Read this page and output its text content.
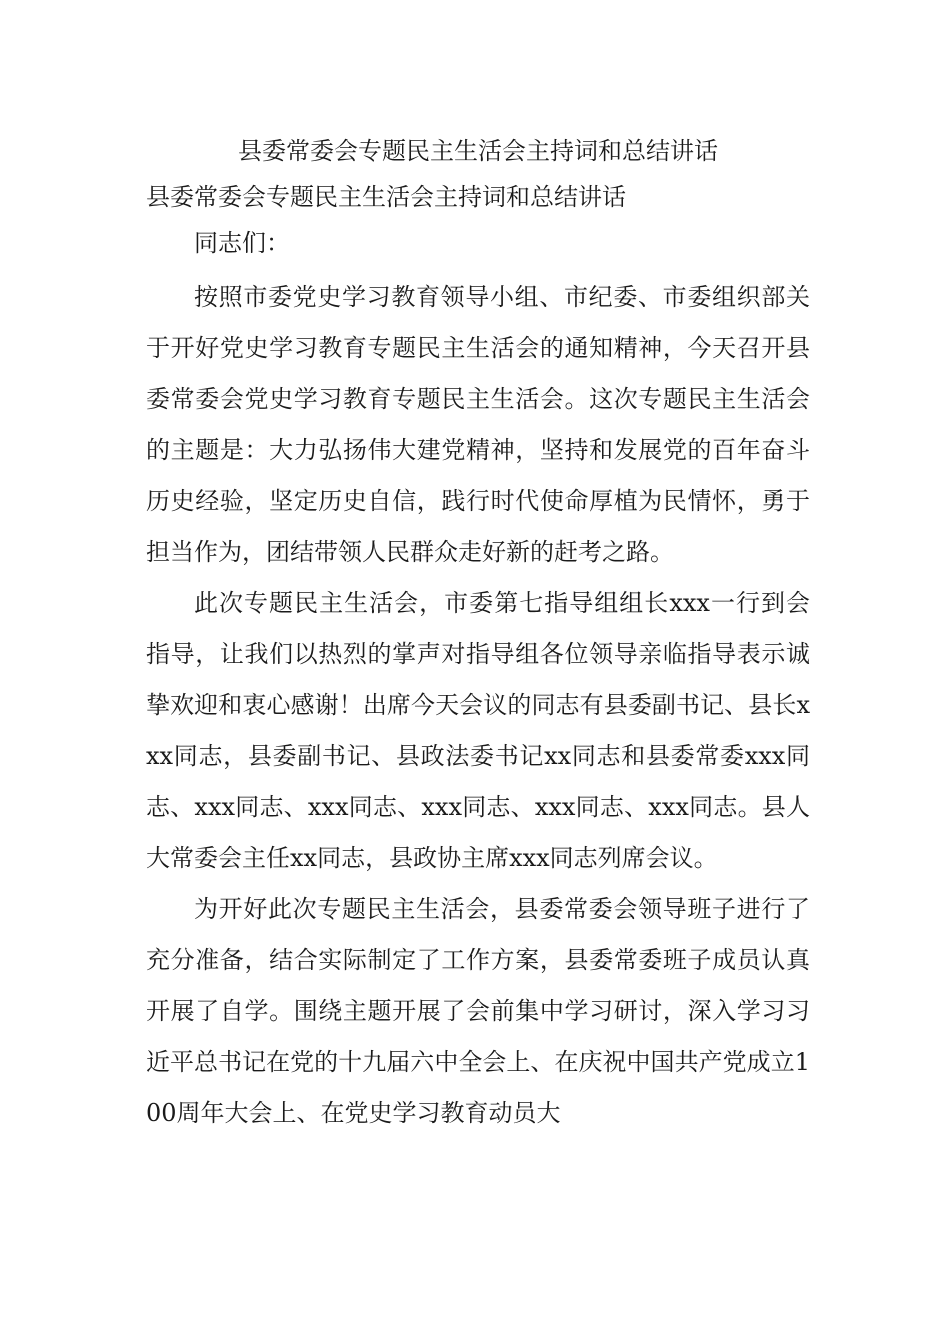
县委常委会专题民主生活会主持词和总结讲话

县委常委会专题民主生活会主持词和总结讲话

同志们：

按照市委党史学习教育领导小组、市纪委、市委组织部关于开好党史学习教育专题民主生活会的通知精神，今天召开县委常委会党史学习教育专题民主生活会。这次专题民主生活会的主题是：大力弘扬伟大建党精神，坚持和发展党的百年奋斗历史经验，坚定历史自信，践行时代使命厚植为民情怀，勇于担当作为，团结带领人民群众走好新的赶考之路。

此次专题民主生活会，市委第七指导组组长xxx一行到会指导，让我们以热烈的掌声对指导组各位领导亲临指导表示诚挚欢迎和衷心感谢！出席今天会议的同志有县委副书记、县长xxx同志，县委副书记、县政法委书记xx同志和县委常委xxx同志、xxx同志、xxx同志、xxx同志、xxx同志、xxx同志。县人大常委会主任xx同志，县政协主席xxx同志列席会议。

为开好此次专题民主生活会，县委常委会领导班子进行了充分准备，结合实际制定了工作方案，县委常委班子成员认真开展了自学。围绕主题开展了会前集中学习研讨，深入学习习近平总书记在党的十九届六中全会上、在庆祝中国共产党成立100周年大会上、在党史学习教育动员大
